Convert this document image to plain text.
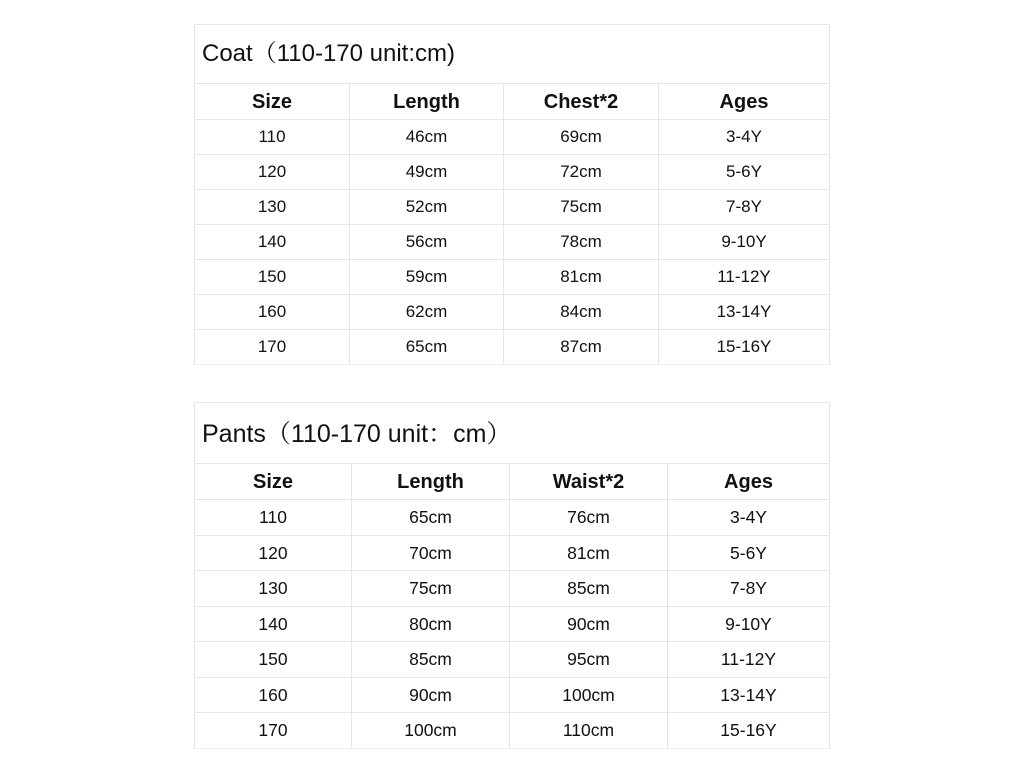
Coat（110-170 unit:cm)
Size	Length	Chest*2	Ages
110	46cm	69cm	3-4Y
120	49cm	72cm	5-6Y
130	52cm	75cm	7-8Y
140	56cm	78cm	9-10Y
150	59cm	81cm	11-12Y
160	62cm	84cm	13-14Y
170	65cm	87cm	15-16Y
Pants（110-170 unit：cm）
Size	Length	Waist*2	Ages
110	65cm	76cm	3-4Y
120	70cm	81cm	5-6Y
130	75cm	85cm	7-8Y
140	80cm	90cm	9-10Y
150	85cm	95cm	11-12Y
160	90cm	100cm	13-14Y
170	100cm	110cm	15-16Y
